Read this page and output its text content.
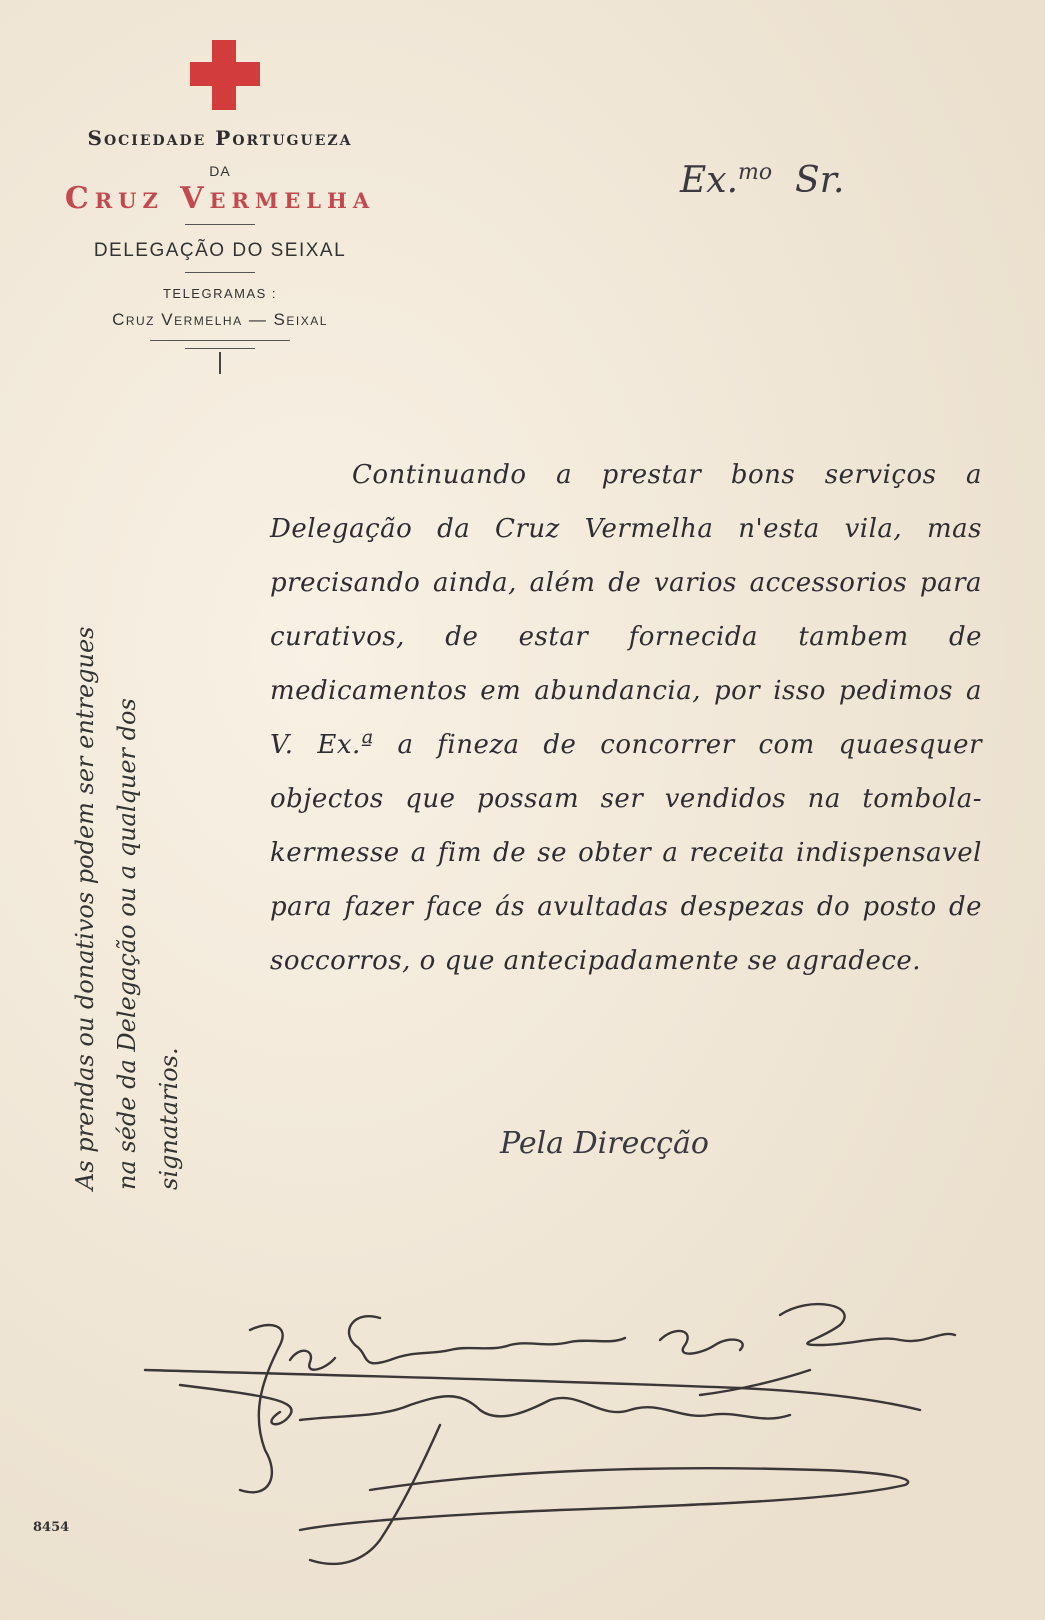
Sociedade Portugueza
DA
Cruz Vermelha
DELEGAÇÃO DO SEIXAL
TELEGRAMAS :
Cruz Vermelha — Seixal
Ex.$^{mo}$ Sr.
Continuando a prestar bons serviços a Delegação da Cruz Vermelha n'esta vila, mas precisando ainda, além de varios accessorios para curativos, de estar fornecida tambem de medicamentos em abundancia, por isso pedimos a V. Ex.ª a fineza de concorrer com quaesquer objectos que possam ser vendidos na tombola-kermesse a fim de se obter a receita indispensavel para fazer face ás avultadas despezas do posto de soccorros, o que antecipadamente se agradece.
Pela Direcção
As prendas ou donativos podem ser entregues na séde da Delegação ou a qualquer dos signatarios.
8454
